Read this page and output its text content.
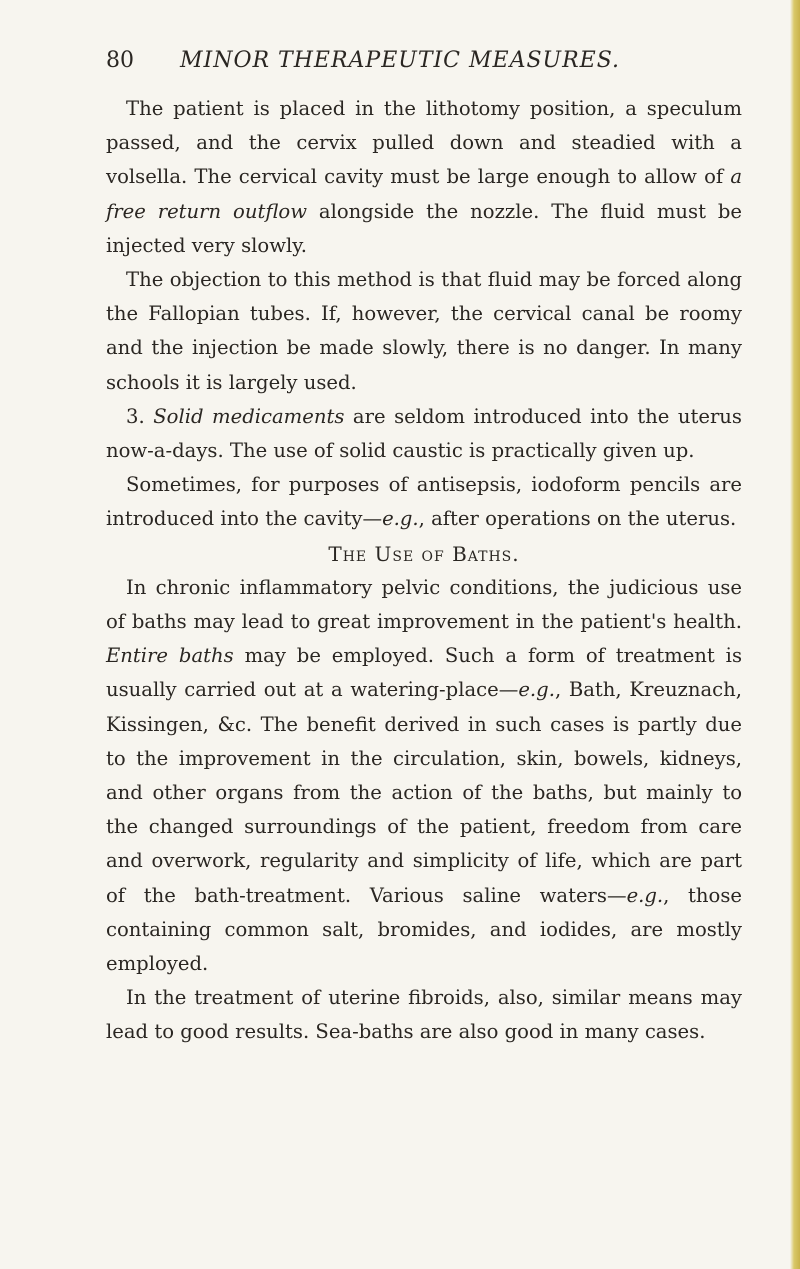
80	MINOR THERAPEUTIC MEASURES.

The patient is placed in the lithotomy position, a speculum passed, and the cervix pulled down and steadied with a volsella. The cervical cavity must be large enough to allow of a free return outflow alongside the nozzle. The fluid must be injected very slowly.

The objection to this method is that fluid may be forced along the Fallopian tubes. If, however, the cervical canal be roomy and the injection be made slowly, there is no danger. In many schools it is largely used.

3. Solid medicaments are seldom introduced into the uterus now-a-days. The use of solid caustic is practically given up.

Sometimes, for purposes of antisepsis, iodoform pencils are introduced into the cavity—e.g., after operations on the uterus.

The Use of Baths.

In chronic inflammatory pelvic conditions, the judicious use of baths may lead to great improvement in the patient's health. Entire baths may be employed. Such a form of treatment is usually carried out at a watering-place—e.g., Bath, Kreuznach, Kissingen, &c. The benefit derived in such cases is partly due to the improvement in the circulation, skin, bowels, kidneys, and other organs from the action of the baths, but mainly to the changed surroundings of the patient, freedom from care and overwork, regularity and simplicity of life, which are part of the bath-treatment. Various saline waters—e.g., those containing common salt, bromides, and iodides, are mostly employed.

In the treatment of uterine fibroids, also, similar means may lead to good results. Sea-baths are also good in many cases.
